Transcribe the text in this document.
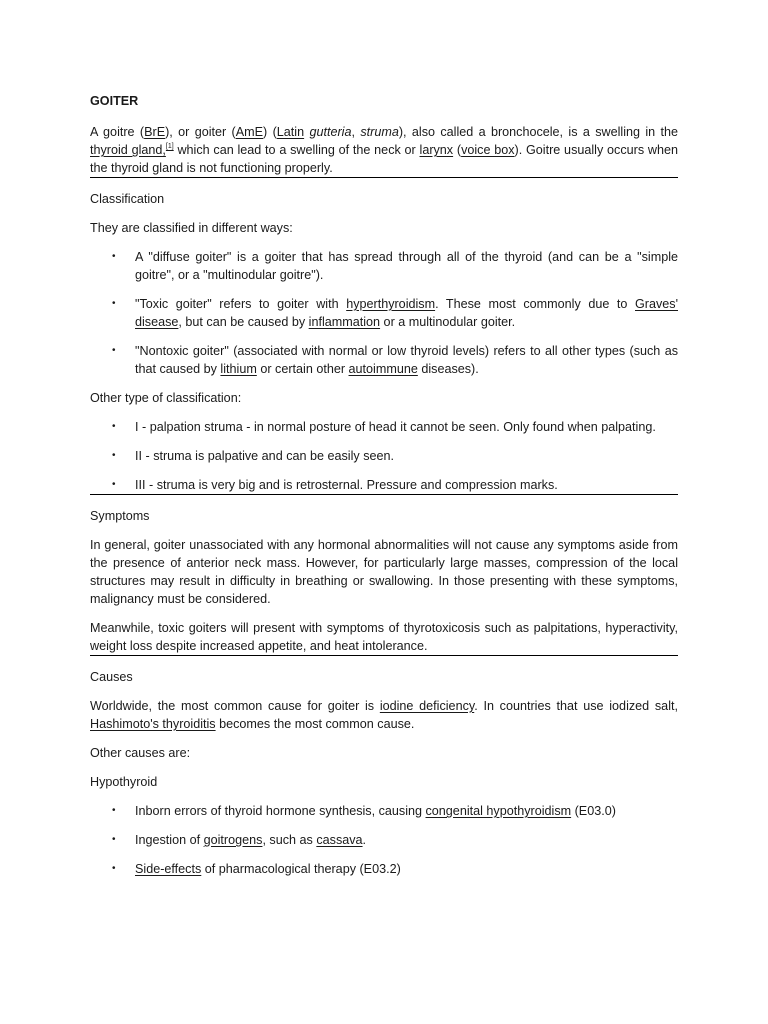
GOITER

A goitre (BrE), or goiter (AmE) (Latin gutteria, struma), also called a bronchocele, is a swelling in the thyroid gland,[1] which can lead to a swelling of the neck or larynx (voice box). Goitre usually occurs when the thyroid gland is not functioning properly.

Classification

They are classified in different ways:

• A "diffuse goiter" is a goiter that has spread through all of the thyroid (and can be a "simple goitre", or a "multinodular goitre").
• "Toxic goiter" refers to goiter with hyperthyroidism. These most commonly due to Graves' disease, but can be caused by inflammation or a multinodular goiter.
• "Nontoxic goiter" (associated with normal or low thyroid levels) refers to all other types (such as that caused by lithium or certain other autoimmune diseases).

Other type of classification:

• I - palpation struma - in normal posture of head it cannot be seen. Only found when palpating.
• II - struma is palpative and can be easily seen.
• III - struma is very big and is retrosternal. Pressure and compression marks.

Symptoms

In general, goiter unassociated with any hormonal abnormalities will not cause any symptoms aside from the presence of anterior neck mass. However, for particularly large masses, compression of the local structures may result in difficulty in breathing or swallowing. In those presenting with these symptoms, malignancy must be considered.

Meanwhile, toxic goiters will present with symptoms of thyrotoxicosis such as palpitations, hyperactivity, weight loss despite increased appetite, and heat intolerance.

Causes

Worldwide, the most common cause for goiter is iodine deficiency. In countries that use iodized salt, Hashimoto's thyroiditis becomes the most common cause.

Other causes are:

Hypothyroid

• Inborn errors of thyroid hormone synthesis, causing congenital hypothyroidism (E03.0)
• Ingestion of goitrogens, such as cassava.
• Side-effects of pharmacological therapy (E03.2)
